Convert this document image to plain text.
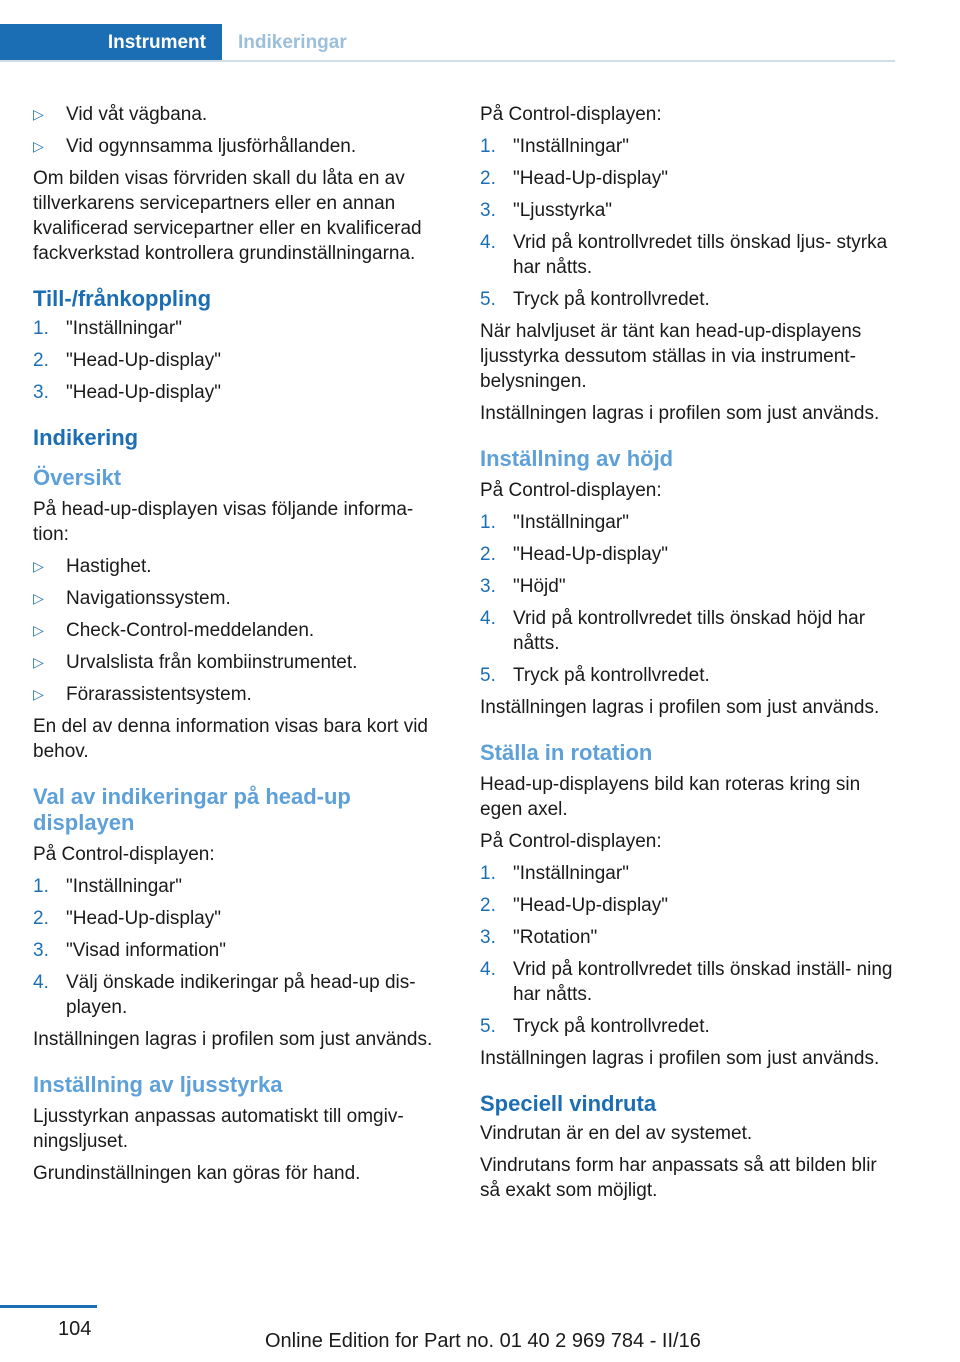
Instrument	Indikeringar
▷ Vid våt vägbana.
▷ Vid ogynnsamma ljusförhållanden.

Om bilden visas förvriden skall du låta en av tillverkarens servicepartners eller en annan kvalificerad servicepartner eller en kvalificerad fackverkstad kontrollera grundinställningarna.

Till-/frånkoppling
1. "Inställningar"
2. "Head-Up-display"
3. "Head-Up-display"
Indikering
Översikt

På head-up-displayen visas följande informa‐ tion:

▷ Hastighet.
▷ Navigationssystem.
▷ Check-Control-meddelanden.
▷ Urvalslista från kombiinstrumentet.
▷ Förarassistentsystem.

En del av denna information visas bara kort vid behov.

Val av indikeringar på head-up displayen

På Control-displayen:

1. "Inställningar"
2. "Head-Up-display"
3. "Visad information"
4. Välj önskade indikeringar på head-up dis‐ playen.

Inställningen lagras i profilen som just används.

Inställning av ljusstyrka

Ljusstyrkan anpassas automatiskt till omgiv‐ ningsljuset.

Grundinställningen kan göras för hand.

På Control-displayen:

1. "Inställningar"
2. "Head-Up-display"
3. "Ljusstyrka"
4. Vrid på kontrollvredet tills önskad ljus‐ styrka har nåtts.
5. Tryck på kontrollvredet.

När halvljuset är tänt kan head-up-displayens ljusstyrka dessutom ställas in via instrument‐ belysningen.

Inställningen lagras i profilen som just används.

Inställning av höjd

På Control-displayen:

1. "Inställningar"
2. "Head-Up-display"
3. "Höjd"
4. Vrid på kontrollvredet tills önskad höjd har nåtts.
5. Tryck på kontrollvredet.

Inställningen lagras i profilen som just används.

Ställa in rotation

Head-up-displayens bild kan roteras kring sin egen axel.

På Control-displayen:

1. "Inställningar"
2. "Head-Up-display"
3. "Rotation"
4. Vrid på kontrollvredet tills önskad inställ‐ ning har nåtts.
5. Tryck på kontrollvredet.

Inställningen lagras i profilen som just används.

Speciell vindruta

Vindrutan är en del av systemet.

Vindrutans form har anpassats så att bilden blir så exakt som möjligt.

104
Online Edition for Part no. 01 40 2 969 784 - II/16
